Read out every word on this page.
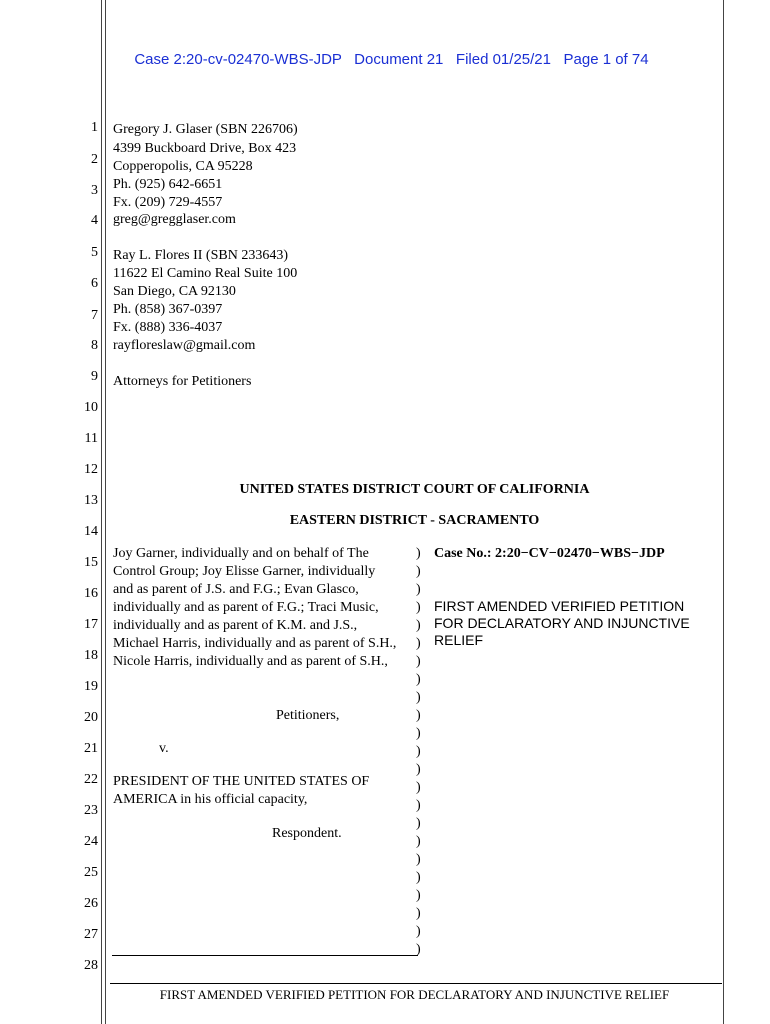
Case 2:20-cv-02470-WBS-JDP Document 21 Filed 01/25/21 Page 1 of 74

1
2
3
4
5
6
7
8
9
10
11
12
13
14
15
16
17
18
19
20
21
22
23
24
25
26
27
28
Gregory J. Glaser (SBN 226706)
4399 Buckboard Drive, Box 423
Copperopolis, CA 95228
Ph. (925) 642-6651
Fx. (209) 729-4557
greg@gregglaser.com
Ray L. Flores II (SBN 233643)
11622 El Camino Real Suite 100
San Diego, CA 92130
Ph. (858) 367-0397
Fx. (888) 336-4037
rayfloreslaw@gmail.com
Attorneys for Petitioners
UNITED STATES DISTRICT COURT OF CALIFORNIA
EASTERN DISTRICT - SACRAMENTO
Joy Garner, individually and on behalf of The
Control Group; Joy Elisse Garner, individually
and as parent of J.S. and F.G.; Evan Glasco,
individually and as parent of F.G.; Traci Music,
individually and as parent of K.M. and J.S.,
Michael Harris, individually and as parent of S.H.,
Nicole Harris, individually and as parent of S.H.,
Petitioners,
v.
PRESIDENT OF THE UNITED STATES OF
AMERICA in his official capacity,
Respondent.
)
)
)
)
)
)
)
)
)
)
)
)
)
)
)
)
)
)
)
)
)
)
)
Case No.: 2:20−CV−02470−WBS−JDP
FIRST AMENDED VERIFIED PETITION
FOR DECLARATORY AND INJUNCTIVE
RELIEF
FIRST AMENDED VERIFIED PETITION FOR DECLARATORY AND INJUNCTIVE RELIEF
